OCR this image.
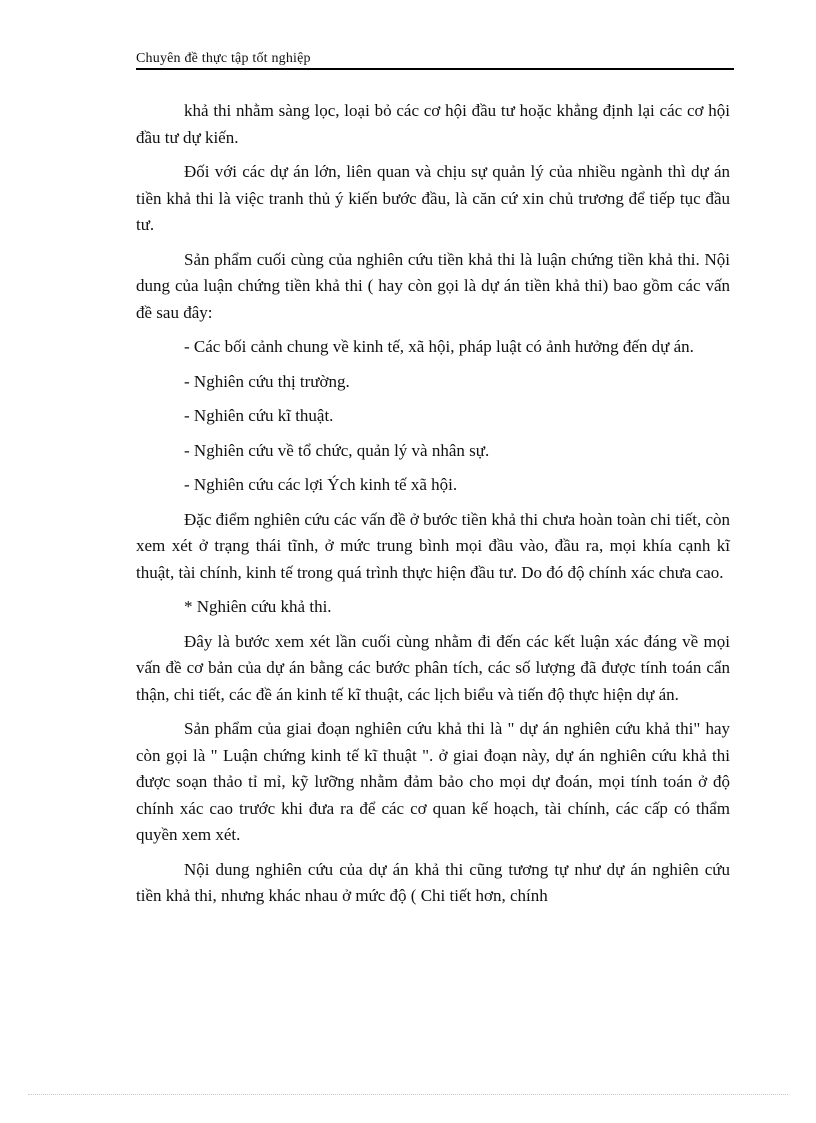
Chuyên đề thực tập tốt nghiệp

khả thi nhằm sàng lọc, loại bỏ các cơ hội đầu tư hoặc khẳng định lại các cơ hội đầu tư dự kiến.

Đối với các dự án lớn, liên quan và chịu sự quản lý của nhiều ngành thì dự án tiền khả thi là việc tranh thủ ý kiến bước đầu, là căn cứ xin chủ trương để tiếp tục đầu tư.

Sản phẩm cuối cùng của nghiên cứu tiền khả thi là luận chứng tiền khả thi. Nội dung của luận chứng tiền khả thi ( hay còn gọi là dự án tiền khả thi) bao gồm các vấn đề sau đây:

- Các bối cảnh chung về kinh tế, xã hội, pháp luật có ảnh hưởng đến dự án.

- Nghiên cứu thị trường.

- Nghiên cứu kĩ thuật.

- Nghiên cứu về tổ chức, quản lý và nhân sự.

- Nghiên cứu các lợi Ých kinh tế xã hội.

Đặc điểm nghiên cứu các vấn đề ở bước tiền khả thi chưa hoàn toàn chi tiết, còn xem xét ở trạng thái tĩnh, ở mức trung bình mọi đầu vào, đầu ra, mọi khía cạnh kĩ thuật, tài chính, kinh tế trong quá trình thực hiện đầu tư. Do đó độ chính xác chưa cao.

* Nghiên cứu khả thi.

Đây là bước xem xét lần cuối cùng nhằm đi đến các kết luận xác đáng về mọi vấn đề cơ bản của dự án bằng các bước phân tích, các số lượng đã được tính toán cẩn thận, chi tiết, các đề án kinh tế kĩ thuật, các lịch biểu và tiến độ thực hiện dự án.

Sản phẩm của giai đoạn nghiên cứu khả thi là " dự án nghiên cứu khả thi" hay còn gọi là " Luận chứng kinh tế kĩ thuật ". ở giai đoạn này, dự án nghiên cứu khả thi được soạn thảo tỉ mỉ, kỹ lưỡng nhằm đảm bảo cho mọi dự đoán, mọi tính toán ở độ chính xác cao trước khi đưa ra để các cơ quan kế hoạch, tài chính, các cấp có thẩm quyền xem xét.

Nội dung nghiên cứu của dự án khả thi cũng tương tự như dự án nghiên cứu tiền khả thi, nhưng khác nhau ở mức độ ( Chi tiết hơn, chính
